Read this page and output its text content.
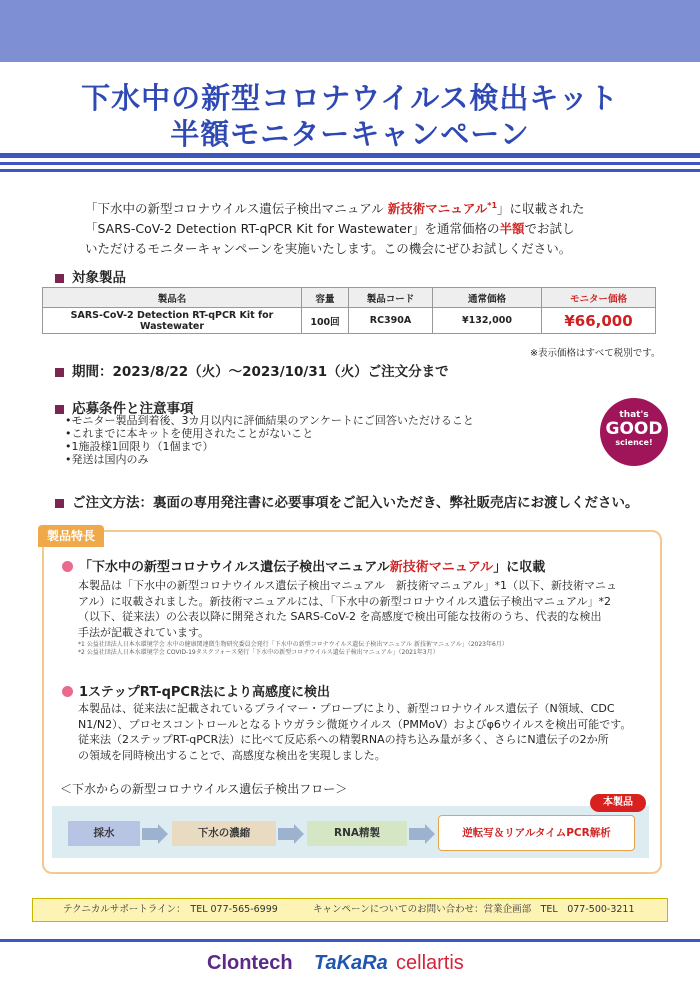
下水中の新型コロナウイルス検出キット
半額モニターキャンペーン
「下水中の新型コロナウイルス遺伝子検出マニュアル 新技術マニュアル$^{*1}$」に収載された
「SARS-CoV-2 Detection RT-qPCR Kit for Wastewater」を通常価格の半額でお試し
いただけるモニターキャンペーンを実施いたします。この機会にぜひお試しください。
対象製品
製品名	容量	製品コード	通常価格	モニター価格
SARS-CoV-2 Detection RT-qPCR Kit for Wastewater	100回	RC390A	¥132,000	¥66,000
※表示価格はすべて税別です。
期間：2023/8/22（火）～2023/10/31（火）ご注文分まで
応募条件と注意事項
•モニター製品到着後、3カ月以内に評価結果のアンケートにご回答いただけること
•これまでに本キットを使用されたことがないこと
•1施設様1回限り（1個まで）
•発送は国内のみ
that's
GOOD
science!
ご注文方法：裏面の専用発注書に必要事項をご記入いただき、弊社販売店にお渡しください。
製品特長
「下水中の新型コロナウイルス遺伝子検出マニュアル新技術マニュアル」に収載
本製品は「下水中の新型コロナウイルス遺伝子検出マニュアル　新技術マニュアル」*1（以下、新技術マニュ
アル）に収載されました。新技術マニュアルには、「下水中の新型コロナウイルス遺伝子検出マニュアル」*2
（以下、従来法）の公表以降に開発された SARS-CoV-2 を高感度で検出可能な技術のうち、代表的な検出
手法が記載されています。
*1 公益社団法人日本水環境学会 水中の健康関連微生物研究委員会発行「下水中の新型コロナウイルス遺伝子検出マニュアル 新技術マニュアル」（2023年6月）
*2 公益社団法人日本水環境学会 COVID-19タスクフォース発行「下水中の新型コロナウイルス遺伝子検出マニュアル」（2021年3月）
1ステップRT-qPCR法により高感度に検出
本製品は、従来法に記載されているプライマー・プローブにより、新型コロナウイルス遺伝子（N領域、CDC
N1/N2）、プロセスコントロールとなるトウガラシ微斑ウイルス（PMMoV）およびφ6ウイルスを検出可能です。
従来法（2ステップRT-qPCR法）に比べて反応系への精製RNAの持ち込み量が多く、さらにN遺伝子の2か所
の領域を同時検出することで、高感度な検出を実現しました。
＜下水からの新型コロナウイルス遺伝子検出フロー＞
採水	下水の濃縮	RNA精製	逆転写＆リアルタイムPCR解析
本製品
テクニカルサポートライン：　TEL 077-565-6999	キャンペーンについてのお問い合わせ：営業企画部　TEL　077-500-3211
Clontech TaKaRa cellartis
